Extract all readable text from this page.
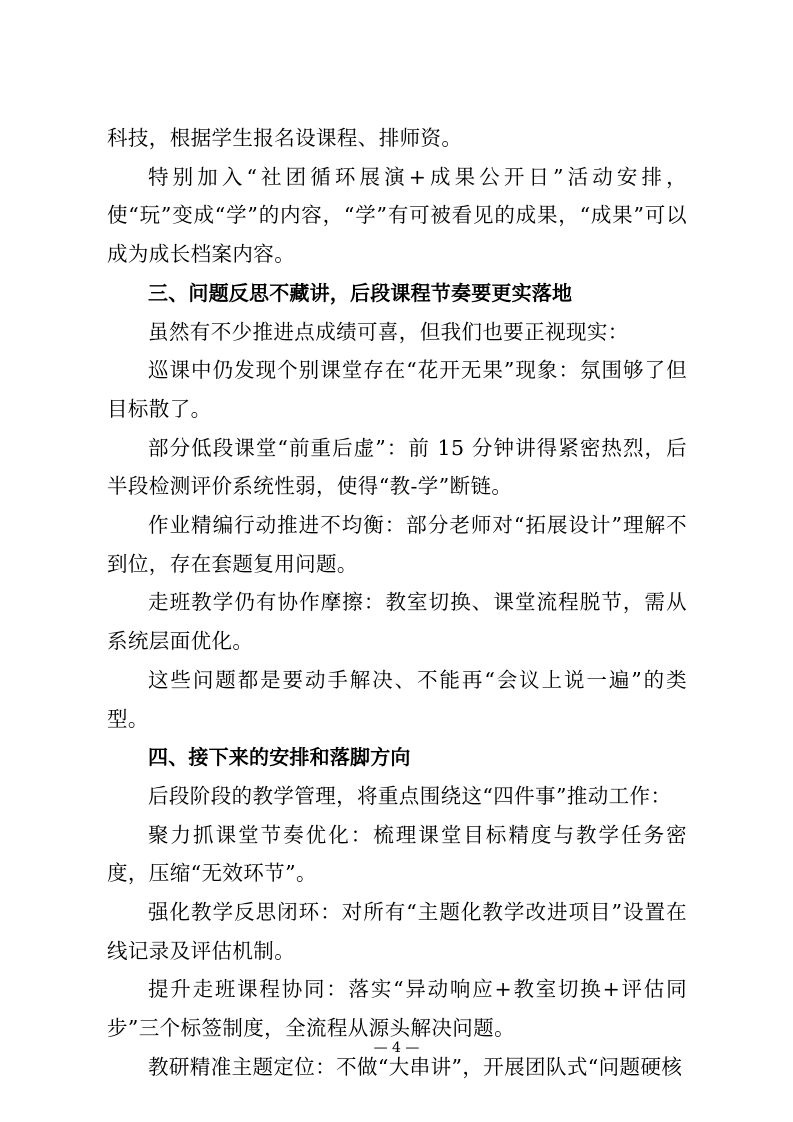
科技，根据学生报名设课程、排师资。

特别加入“社团循环展演+成果公开日”活动安排，使“玩”变成“学”的内容，“学”有可被看见的成果，“成果”可以成为成长档案内容。

三、问题反思不藏讲，后段课程节奏要更实落地

虽然有不少推进点成绩可喜，但我们也要正视现实：

巡课中仍发现个别课堂存在“花开无果”现象：氛围够了但目标散了。

部分低段课堂“前重后虚”：前 15 分钟讲得紧密热烈，后半段检测评价系统性弱，使得“教-学”断链。

作业精编行动推进不均衡：部分老师对“拓展设计”理解不到位，存在套题复用问题。

走班教学仍有协作摩擦：教室切换、课堂流程脱节，需从系统层面优化。

这些问题都是要动手解决、不能再“会议上说一遍”的类型。

四、接下来的安排和落脚方向

后段阶段的教学管理，将重点围绕这“四件事”推动工作：

聚力抓课堂节奏优化：梳理课堂目标精度与教学任务密度，压缩“无效环节”。

强化教学反思闭环：对所有“主题化教学改进项目”设置在线记录及评估机制。

提升走班课程协同：落实“异动响应+教室切换+评估同步”三个标签制度，全流程从源头解决问题。

教研精准主题定位：不做“大串讲”，开展团队式“问题硬核

— 4 —
